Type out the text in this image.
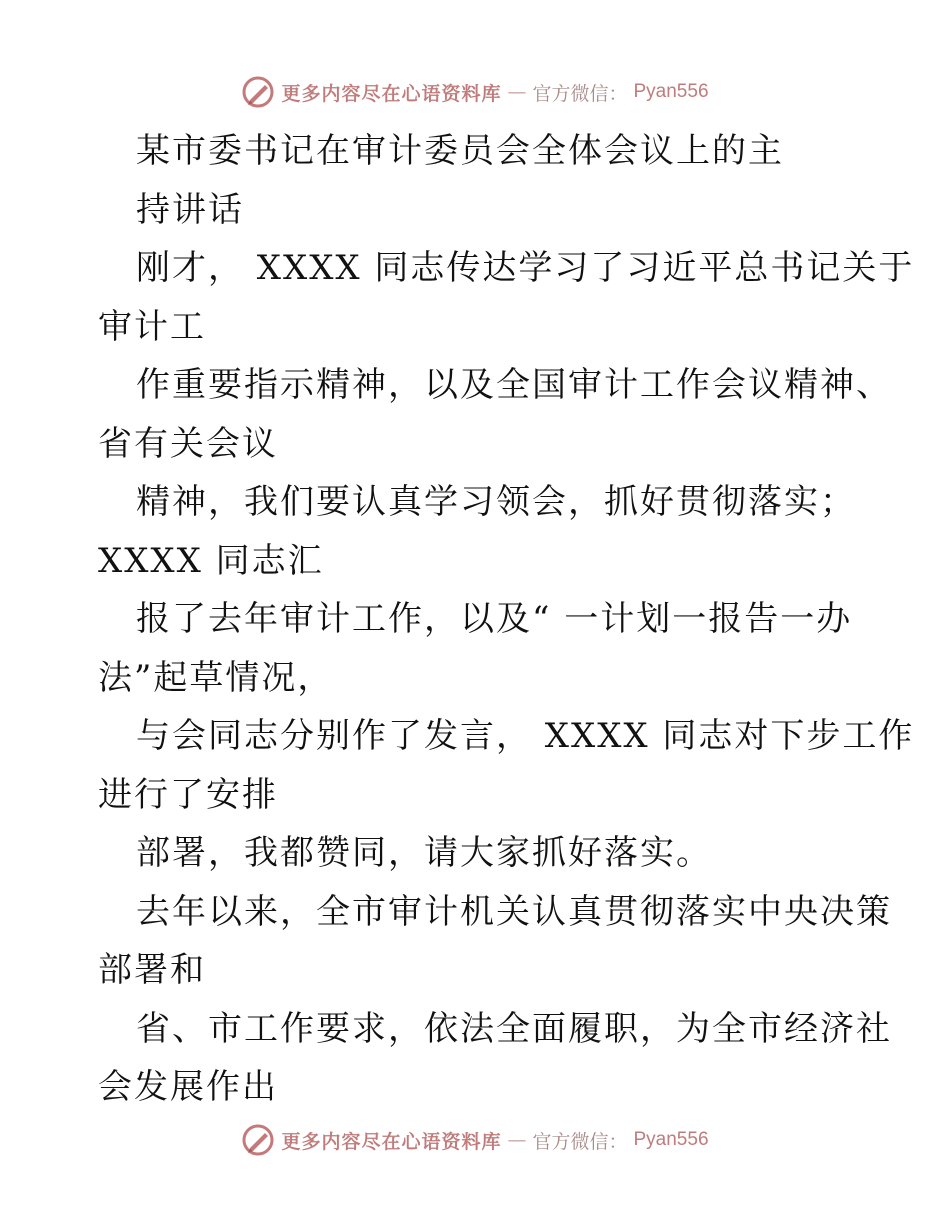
更多内容尽在心语资料库 — 官方微信： Pyan556
某市委书记在审计委员会全体会议上的主
持讲话
刚才， XXXX 同志传达学习了习近平总书记关于
审计工
作重要指示精神，以及全国审计工作会议精神、
省有关会议
精神，我们要认真学习领会，抓好贯彻落实；
XXXX 同志汇
报了去年审计工作，以及“ 一计划一报告一办
法”起草情况，
与会同志分别作了发言， XXXX 同志对下步工作
进行了安排
部署，我都赞同，请大家抓好落实。
去年以来，全市审计机关认真贯彻落实中央决策
部署和
省、市工作要求，依法全面履职，为全市经济社
会发展作出
更多内容尽在心语资料库 — 官方微信： Pyan556
